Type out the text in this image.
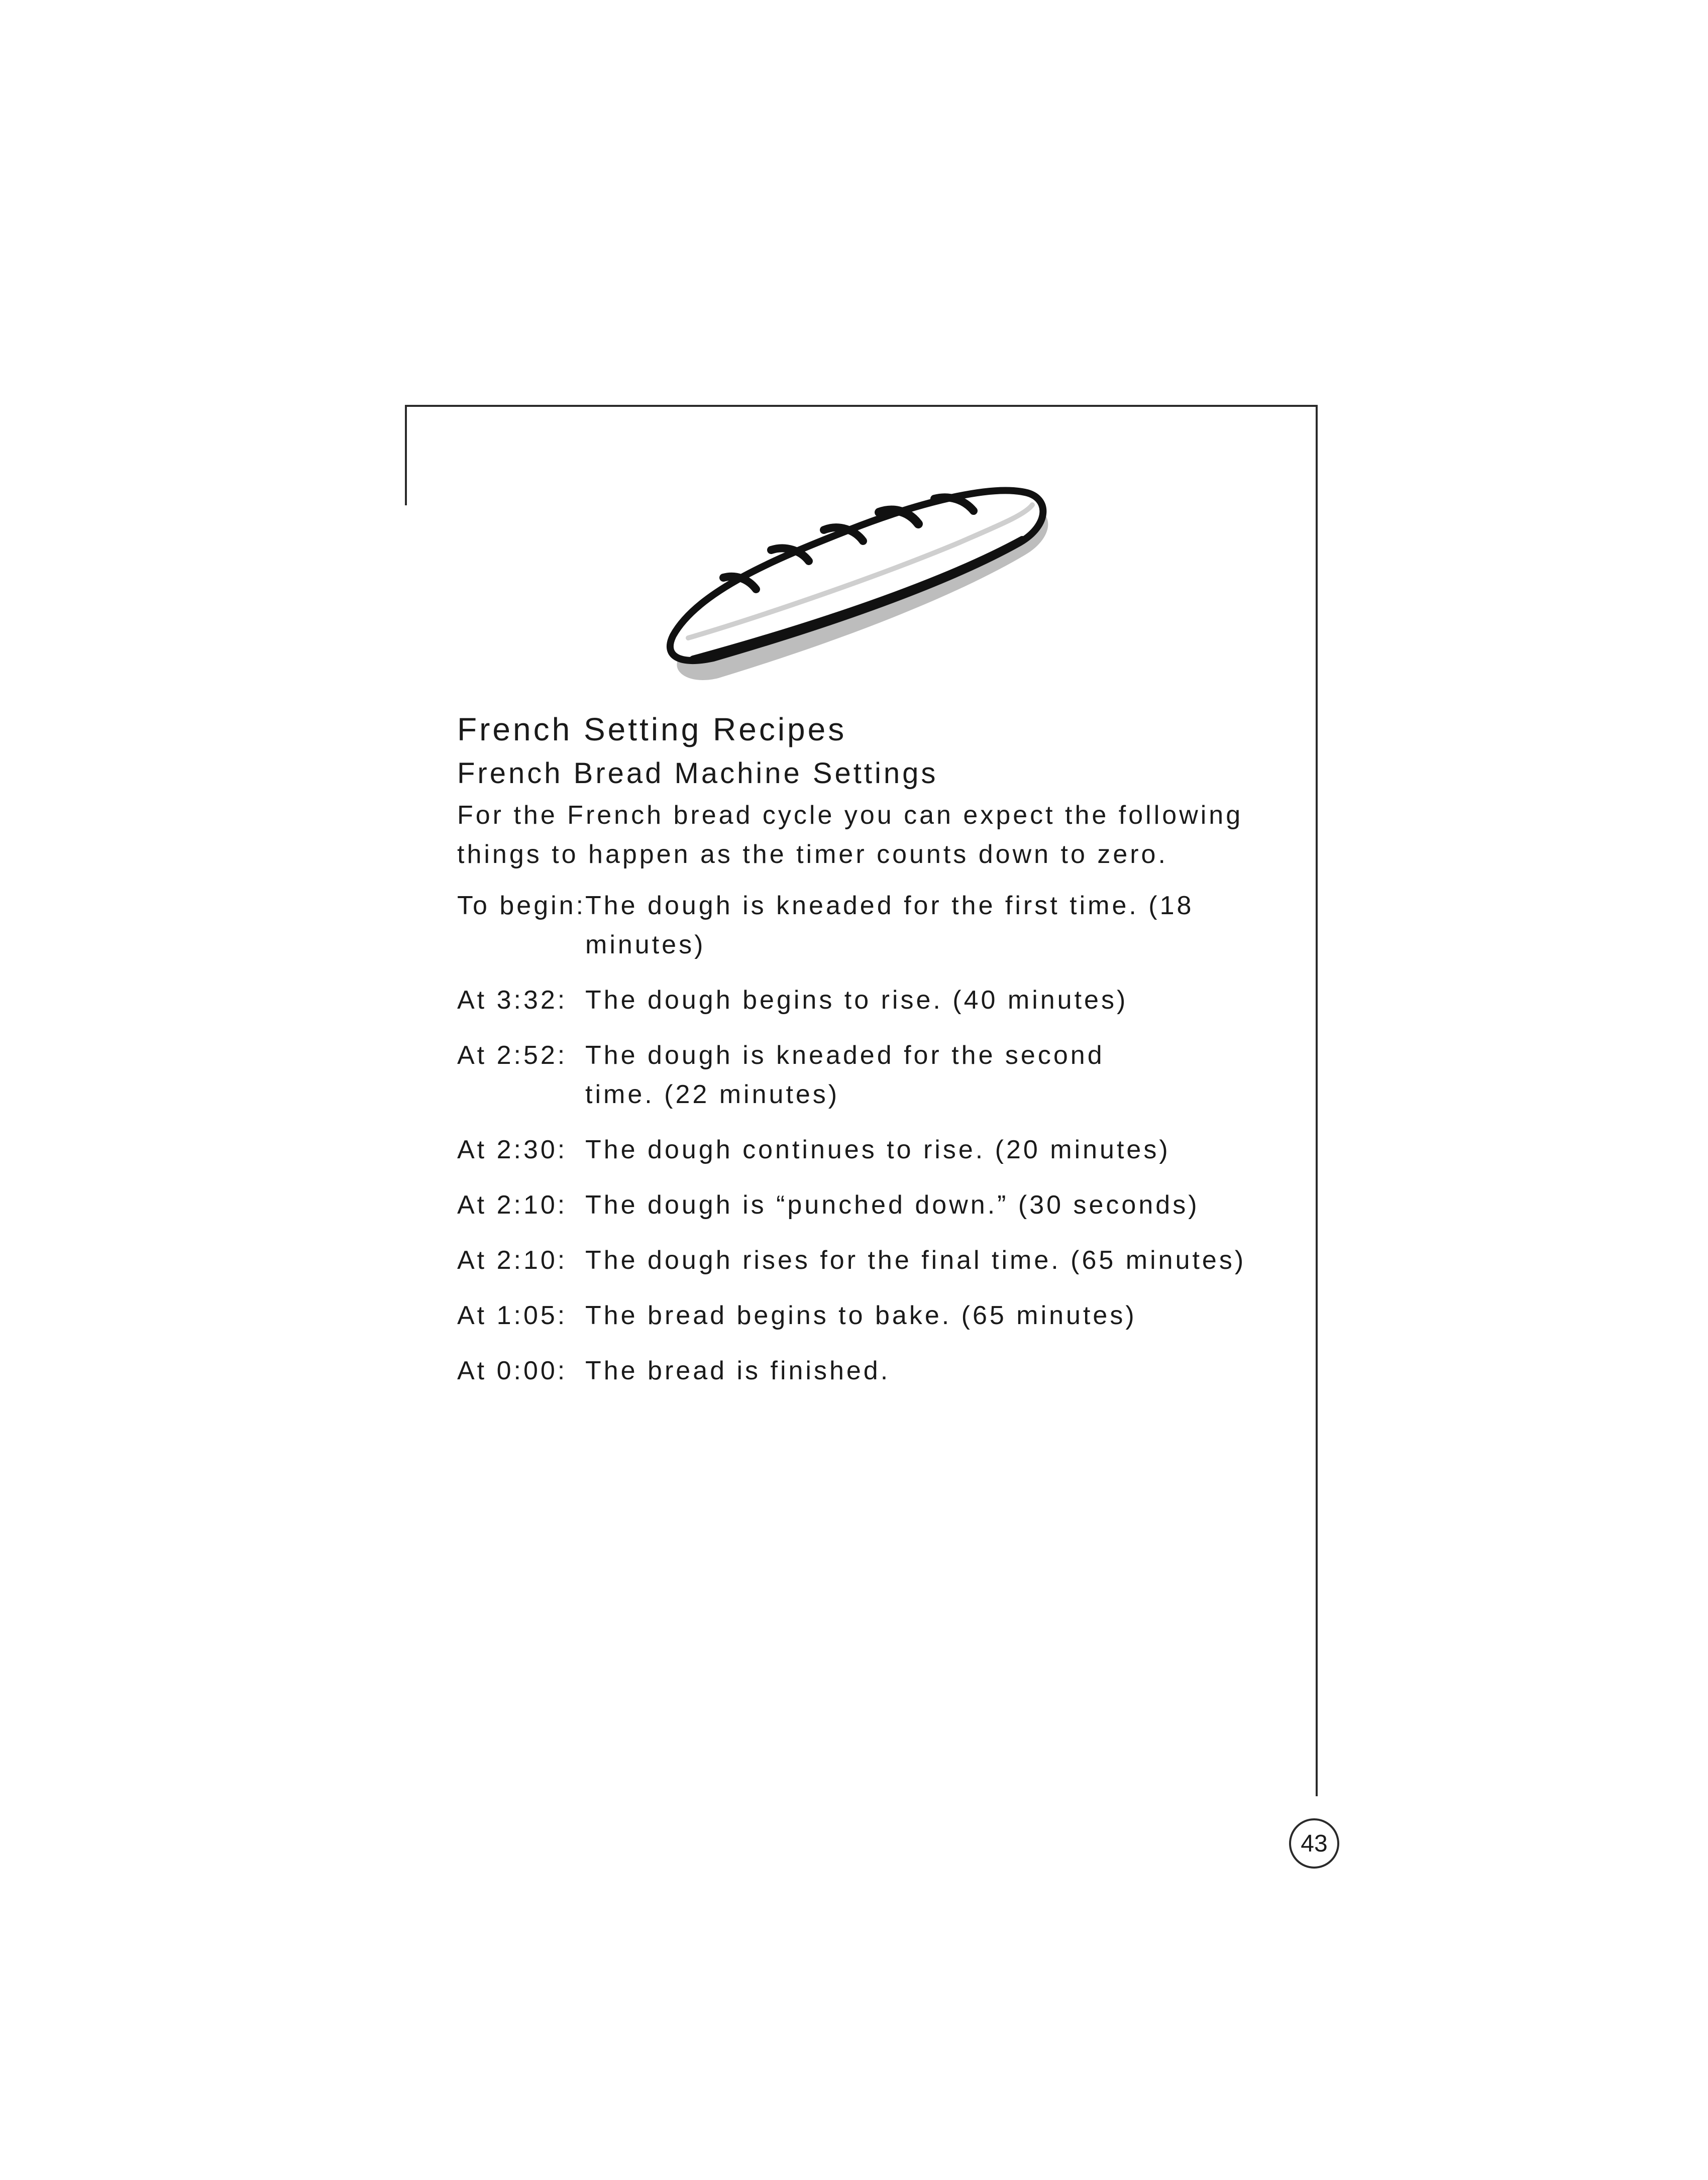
French Setting Recipes
French Bread Machine Settings

For the French bread cycle you can expect the following things to happen as the timer counts down to zero.

To begin:
The dough is kneaded for the first time. (18 minutes)
At 3:32: The dough begins to rise. (40 minutes)
At 2:52: The dough is kneaded for the second time. (22 minutes)
At 2:30: The dough continues to rise. (20 minutes)
At 2:10: The dough is “punched down.” (30 seconds)
At 2:10: The dough rises for the final time. (65 minutes)
At 1:05: The bread begins to bake. (65 minutes)
At 0:00: The bread is finished.
43
